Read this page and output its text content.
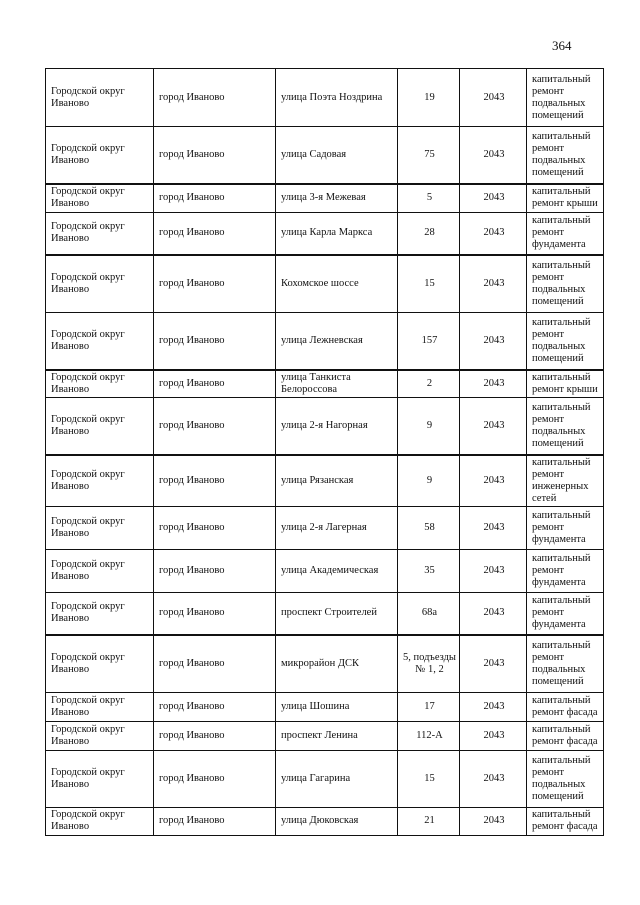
364
Городской округ Иваново	город Иваново	улица Поэта Ноздрина	19	2043	капитальный ремонт подвальных помещений
Городской округ Иваново	город Иваново	улица Садовая	75	2043	капитальный ремонт подвальных помещений
Городской округ Иваново	город Иваново	улица 3-я Межевая	5	2043	капитальный ремонт крыши
Городской округ Иваново	город Иваново	улица Карла Маркса	28	2043	капитальный ремонт фундамента
Городской округ Иваново	город Иваново	Кохомское шоссе	15	2043	капитальный ремонт подвальных помещений
Городской округ Иваново	город Иваново	улица Лежневская	157	2043	капитальный ремонт подвальных помещений
Городской округ Иваново	город Иваново	улица Танкиста Белороссова	2	2043	капитальный ремонт крыши
Городской округ Иваново	город Иваново	улица 2-я Нагорная	9	2043	капитальный ремонт подвальных помещений
Городской округ Иваново	город Иваново	улица Рязанская	9	2043	капитальный ремонт инженерных сетей
Городской округ Иваново	город Иваново	улица 2-я Лагерная	58	2043	капитальный ремонт фундамента
Городской округ Иваново	город Иваново	улица Академическая	35	2043	капитальный ремонт фундамента
Городской округ Иваново	город Иваново	проспект Строителей	68а	2043	капитальный ремонт фундамента
Городской округ Иваново	город Иваново	микрорайон ДСК	5, подъезды № 1, 2	2043	капитальный ремонт подвальных помещений
Городской округ Иваново	город Иваново	улица Шошина	17	2043	капитальный ремонт фасада
Городской округ Иваново	город Иваново	проспект Ленина	112-А	2043	капитальный ремонт фасада
Городской округ Иваново	город Иваново	улица Гагарина	15	2043	капитальный ремонт подвальных помещений
Городской округ Иваново	город Иваново	улица Дюковская	21	2043	капитальный ремонт фасада
